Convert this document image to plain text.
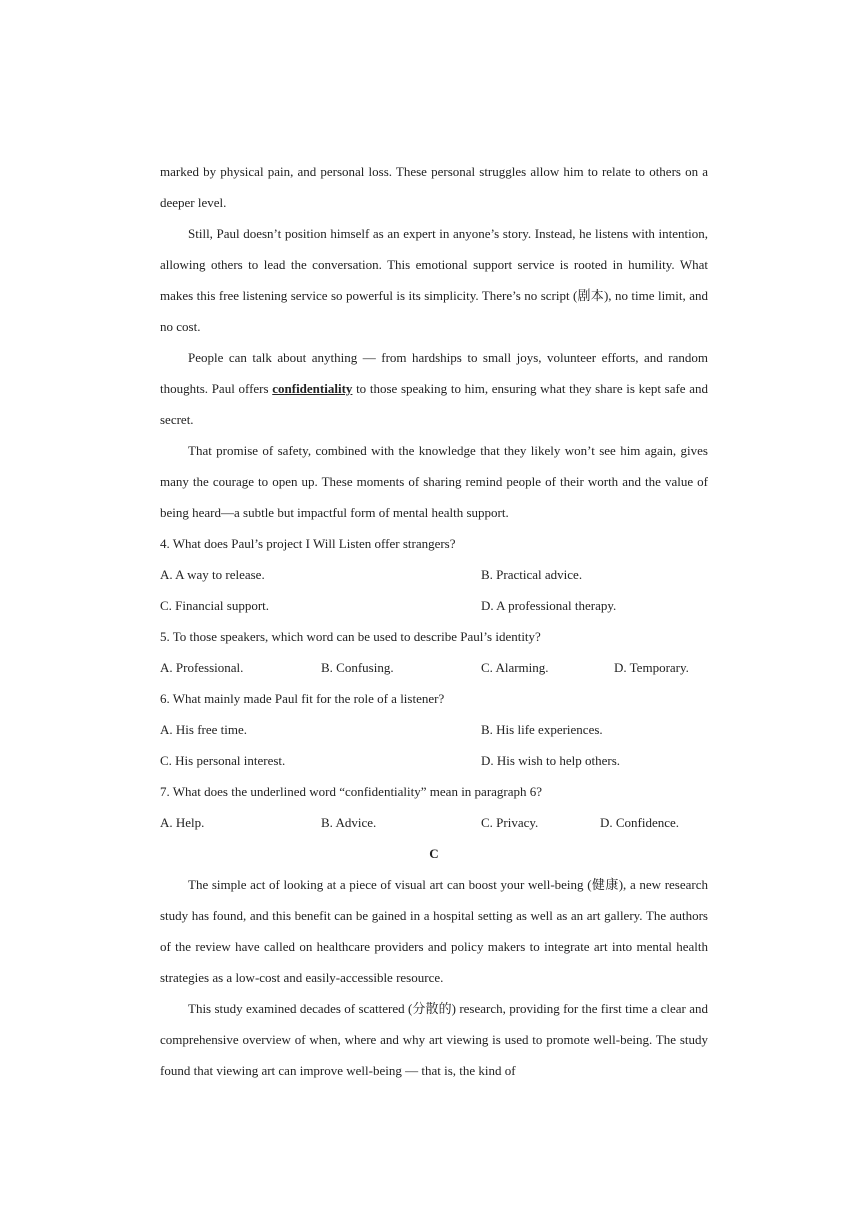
marked by physical pain, and personal loss. These personal struggles allow him to relate to others on a deeper level.

Still, Paul doesn’t position himself as an expert in anyone’s story. Instead, he listens with intention, allowing others to lead the conversation. This emotional support service is rooted in humility. What makes this free listening service so powerful is its simplicity. There’s no script (剧本), no time limit, and no cost.

People can talk about anything — from hardships to small joys, volunteer efforts, and random thoughts. Paul offers confidentiality to those speaking to him, ensuring what they share is kept safe and secret.

That promise of safety, combined with the knowledge that they likely won’t see him again, gives many the courage to open up. These moments of sharing remind people of their worth and the value of being heard—a subtle but impactful form of mental health support.

4. What does Paul’s project I Will Listen offer strangers?

A. A way to release.	B. Practical advice.
C. Financial support.	D. A professional therapy.

5. To those speakers, which word can be used to describe Paul’s identity?

A. Professional.	B. Confusing.	C. Alarming.	D. Temporary.

6. What mainly made Paul fit for the role of a listener?

A. His free time.	B. His life experiences.
C. His personal interest.	D. His wish to help others.

7. What does the underlined word “confidentiality” mean in paragraph 6?

A. Help.	B. Advice.	C. Privacy.	D. Confidence.

C

The simple act of looking at a piece of visual art can boost your well-being (健康), a new research study has found, and this benefit can be gained in a hospital setting as well as an art gallery. The authors of the review have called on healthcare providers and policy makers to integrate art into mental health strategies as a low-cost and easily-accessible resource.

This study examined decades of scattered (分散的) research, providing for the first time a clear and comprehensive overview of when, where and why art viewing is used to promote well-being. The study found that viewing art can improve well-being — that is, the kind of
